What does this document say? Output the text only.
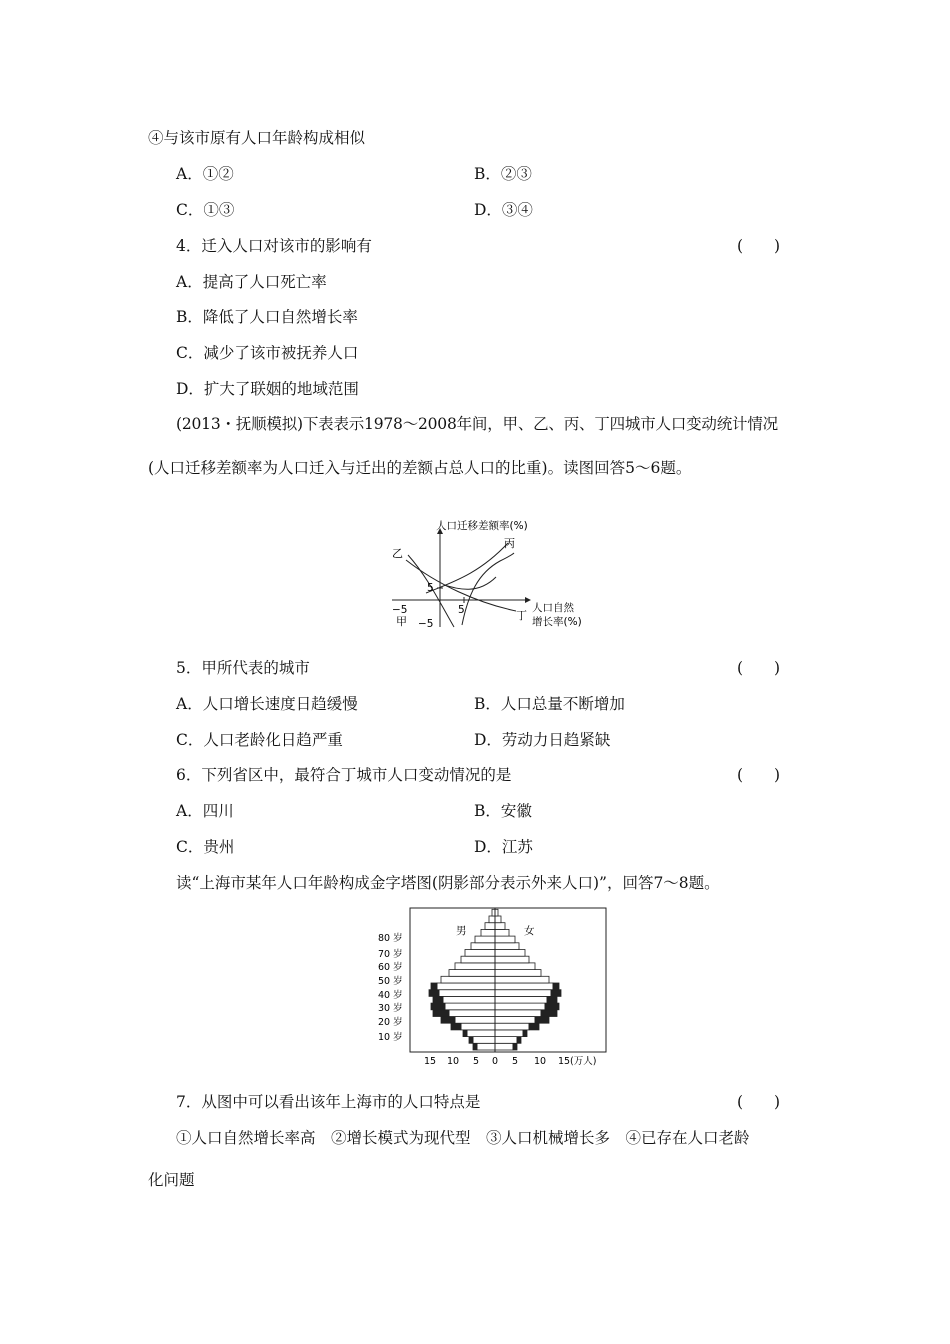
④与该市原有人口年龄构成相似
A．①②	B．②③
C．①③	D．③④
4．迁入人口对该市的影响有	(　　)
A．提高了人口死亡率
B．降低了人口自然增长率
C．减少了该市被抚养人口
D．扩大了联姻的地域范围
(2013・抚顺模拟)下表表示1978～2008年间，甲、乙、丙、丁四城市人口变动统计情况
(人口迁移差额率为人口迁入与迁出的差额占总人口的比重)。读图回答5～6题。
人口迁移差额率(%)
人口自然
增长率(%)
5
−5
5
−5
甲
乙
丙
丁
5．甲所代表的城市	(　　)
A．人口增长速度日趋缓慢	B．人口总量不断增加
C．人口老龄化日趋严重	D．劳动力日趋紧缺
6．下列省区中，最符合丁城市人口变动情况的是	(　　)
A．四川	B．安徽
C．贵州	D．江苏
读“上海市某年人口年龄构成金字塔图(阴影部分表示外来人口)”，回答7～8题。
男	女
80 岁
70 岁
60 岁
50 岁
40 岁
30 岁
20 岁
10 岁
15 10 5 0 5 10 15 (万人)
7．从图中可以看出该年上海市的人口特点是	(　　)
①人口自然增长率高　②增长模式为现代型　③人口机械增长多　④已存在人口老龄
化问题
